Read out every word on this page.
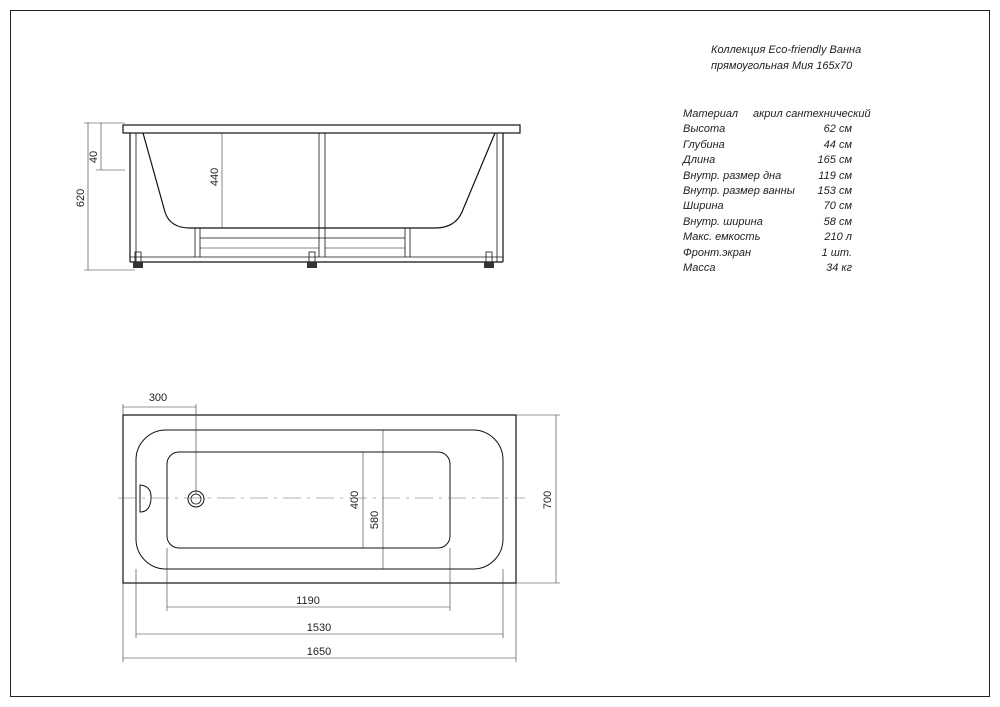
620
40
440
300
400
580
700
1190
1530
1650
Коллекция Eco-friendly Ванна
прямоугольная Мия 165х70
Материал акрил сантехнический
Высота	62 см
Глубина	44 см
Длина	165 см
Внутр. размер дна	119 см
Внутр. размер ванны 153 см
Ширина	70 см
Внутр. ширина	58 см
Макс. емкость	210 л
Фронт.экран	1 шт.
Масса	34 кг
